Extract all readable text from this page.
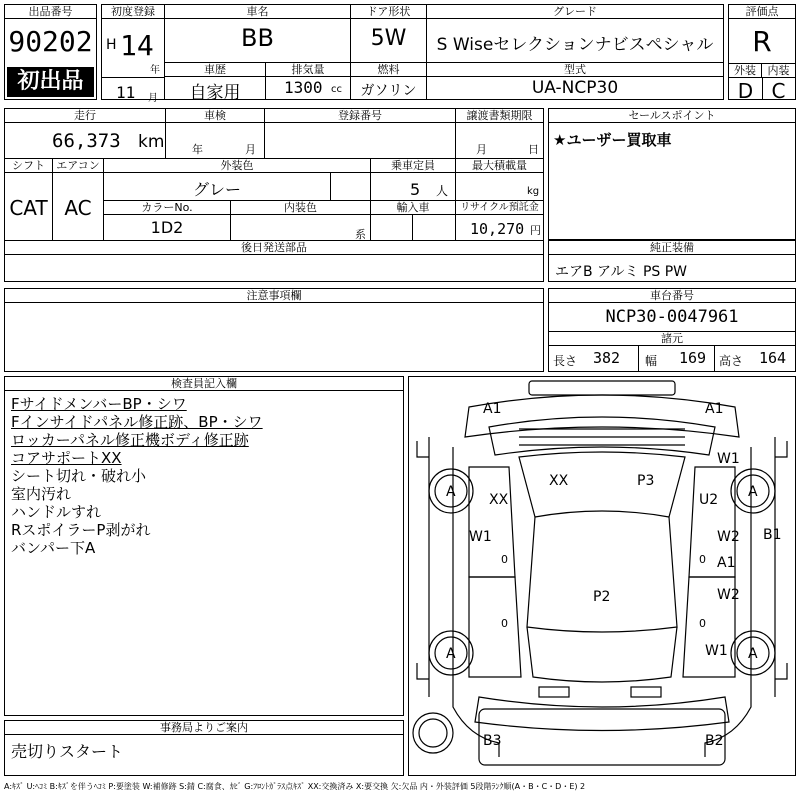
出品番号
90202
初出品
初度登録
H 14
年
11 月
車名
BB
ドア形状
5W
グレード
S Wiseセレクションナビスペシャル
評価点
R
外装	内装
D C
車歴
自家用
排気量
1300 cc
燃料
ガソリン
型式
UA-NCP30
走行
66,373 km
車検
年	月
登録番号	譲渡書類期限
月	日
シフト
CAT
エアコン
AC
外装色
グレー
乗車定員
5 人
最大積載量
kg
カラーNo.
1D2
内装色
系
輸入車	リサイクル預託金
10,270 円
後日発送部品
セールスポイント
★ユーザー買取車
純正装備
エアB アルミ PS PW
注意事項欄	車台番号
NCP30-0047961
諸元
長さ 382 幅 169 高さ 164
検査員記入欄
FサイドメンバーBP・シワ
Fインサイドパネル修正跡、BP・シワ
ロッカーパネル修正機ボディ修正跡
コアサポートXX
シート切れ・破れ小
室内汚れ
ハンドルすれ
RスポイラーP剥がれ
バンパー下A
事務局よりご案内
売切りスタート
A1	A1
XX	P3
XX
W1
U2
W1	W2 B1
A1
P2	W2
W1
B3	B2
A	A
A	A
0
0
0
0
A:ｷｽﾞ U:ﾍｺﾐ B:ｷｽﾞを伴うﾍｺﾐ P:要塗装 W:補修跡 S:錆 C:腐食、ｶﾋﾞ G:ﾌﾛﾝﾄｶﾞﾗｽ点ｷｽﾞ XX:交換済み X:要交換 欠:欠品 内・外装評価 5段階ﾗﾝｸ順(A・B・C・D・E) 2
